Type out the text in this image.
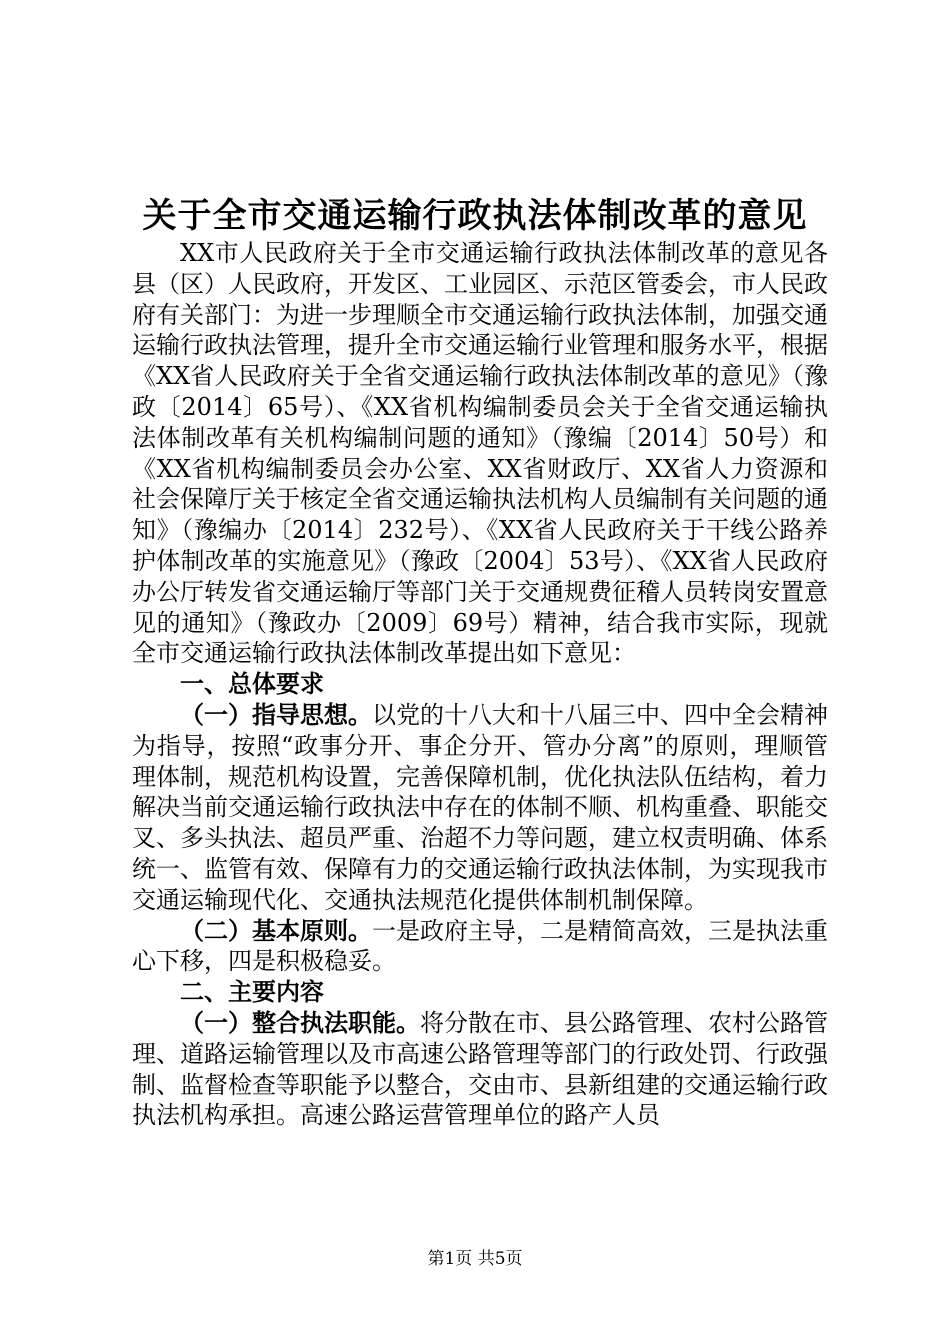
关于全市交通运输行政执法体制改革的意见

XX市人民政府关于全市交通运输行政执法体制改革的意见各县（区）人民政府，开发区、工业园区、示范区管委会，市人民政府有关部门：为进一步理顺全市交通运输行政执法体制，加强交通运输行政执法管理，提升全市交通运输行业管理和服务水平，根据《XX省人民政府关于全省交通运输行政执法体制改革的意见》（豫政〔2014〕65号）、《XX省机构编制委员会关于全省交通运输执法体制改革有关机构编制问题的通知》（豫编〔2014〕50号）和《XX省机构编制委员会办公室、XX省财政厅、XX省人力资源和社会保障厅关于核定全省交通运输执法机构人员编制有关问题的通知》（豫编办〔2014〕232号）、《XX省人民政府关于干线公路养护体制改革的实施意见》（豫政〔2004〕53号）、《XX省人民政府办公厅转发省交通运输厅等部门关于交通规费征稽人员转岗安置意见的通知》（豫政办〔2009〕69号）精神，结合我市实际，现就全市交通运输行政执法体制改革提出如下意见：

一、总体要求

（一）指导思想。以党的十八大和十八届三中、四中全会精神为指导，按照“政事分开、事企分开、管办分离”的原则，理顺管理体制，规范机构设置，完善保障机制，优化执法队伍结构，着力解决当前交通运输行政执法中存在的体制不顺、机构重叠、职能交叉、多头执法、超员严重、治超不力等问题，建立权责明确、体系统一、监管有效、保障有力的交通运输行政执法体制，为实现我市交通运输现代化、交通执法规范化提供体制机制保障。

（二）基本原则。一是政府主导，二是精简高效，三是执法重心下移，四是积极稳妥。

二、主要内容

（一）整合执法职能。将分散在市、县公路管理、农村公路管理、道路运输管理以及市高速公路管理等部门的行政处罚、行政强制、监督检查等职能予以整合，交由市、县新组建的交通运输行政执法机构承担。高速公路运营管理单位的路产人员

第1页 共5页
